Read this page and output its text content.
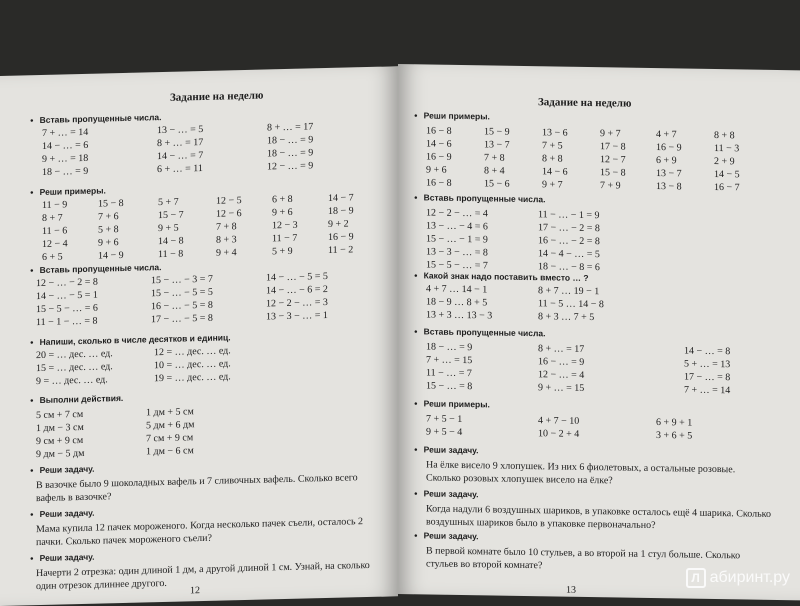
Задание на неделю
● Вставь пропущенные числа.
7 + … = 14	13 − … = 5	8 + … = 17
14 − … = 6	8 + … = 17	18 − … = 9
9 + … = 18	14 − … = 7	18 − … = 9
18 − … = 9	6 + … = 11	12 − … = 9
● Реши примеры.
11 − 9	15 − 8	5 + 7	12 − 5	6 + 8	14 − 7
8 + 7	7 + 6	15 − 7	12 − 6	9 + 6	18 − 9
11 − 6	5 + 8	9 + 5	7 + 8	12 − 3	9 + 2
12 − 4	9 + 6	14 − 8	8 + 3	11 − 7	16 − 9
6 + 5	14 − 9	11 − 8	9 + 4	5 + 9	11 − 2
● Вставь пропущенные числа.
12 − … − 2 = 8	15 − … − 3 = 7	14 − … − 5 = 5
14 − … − 5 = 1	15 − … − 5 = 5	14 − … − 6 = 2
15 − 5 − … = 6	16 − … − 5 = 8	12 − 2 − … = 3
11 − 1 − … = 8	17 − … − 5 = 8	13 − 3 − … = 1
● Напиши, сколько в числе десятков и единиц.
20 = … дес. … ед.	12 = … дес. … ед.
15 = … дес. … ед.	10 = … дес. … ед.
9 = … дес. … ед.	19 = … дес. … ед.
● Выполни действия.
5 см + 7 см	1 дм + 5 см
1 дм − 3 см	5 дм + 6 дм
9 см + 9 см	7 см + 9 см
9 дм − 5 дм	1 дм − 6 см
● Реши задачу.
В вазочке было 9 шоколадных вафель и 7 сливочных вафель. Сколько всего вафель в вазочке?
● Реши задачу.
Мама купила 12 пачек мороженого. Когда несколько пачек съели, осталось 2 пачки. Сколько пачек мороженого съели?
● Реши задачу.
Начерти 2 отрезка: один длиной 1 дм, а другой длиной 1 см. Узнай, на сколько один отрезок длиннее другого.	12
Задание на неделю
● Реши примеры.
16 − 8	15 − 9	13 − 6	9 + 7	4 + 7	8 + 8
14 − 6	13 − 7	7 + 5	17 − 8	16 − 9	11 − 3
16 − 9	7 + 8	8 + 8	12 − 7	6 + 9	2 + 9
9 + 6	8 + 4	14 − 6	15 − 8	13 − 7	14 − 5
16 − 8	15 − 6	9 + 7	7 + 9	13 − 8	16 − 7
● Вставь пропущенные числа.
12 − 2 − … = 4	11 − … − 1 = 9
13 − … − 4 = 6	17 − … − 2 = 8
15 − … − 1 = 9	16 − … − 2 = 8
13 − 3 − … = 8	14 − 4 − … = 5
15 − 5 − … = 7	18 − … − 8 = 6
● Какой знак надо поставить вместо … ?
4 + 7 … 14 − 1	8 + 7 … 19 − 1
18 − 9 … 8 + 5	11 − 5 … 14 − 8
13 + 3 … 13 − 3	8 + 3 … 7 + 5
● Вставь пропущенные числа.
18 − … = 9	8 + … = 17	14 − … = 8
7 + … = 15	16 − … = 9	5 + … = 13
11 − … = 7	12 − … = 4	17 − … = 8
15 − … = 8	9 + … = 15	7 + … = 14
● Реши примеры.
7 + 5 − 1	4 + 7 − 10	6 + 9 + 1
9 + 5 − 4	10 − 2 + 4	3 + 6 + 5
● Реши задачу.
На ёлке висело 9 хлопушек. Из них 6 фиолетовых, а остальные розовые. Сколько розовых хлопушек висело на ёлке?
● Реши задачу.
Когда надули 6 воздушных шариков, в упаковке осталось ещё 4 шарика. Сколько воздушных шариков было в упаковке первоначально?
● Реши задачу.
В первой комнате было 10 стульев, а во второй на 1 стул больше. Сколько стульев во второй комнате?
13
Л абиринт.ру
